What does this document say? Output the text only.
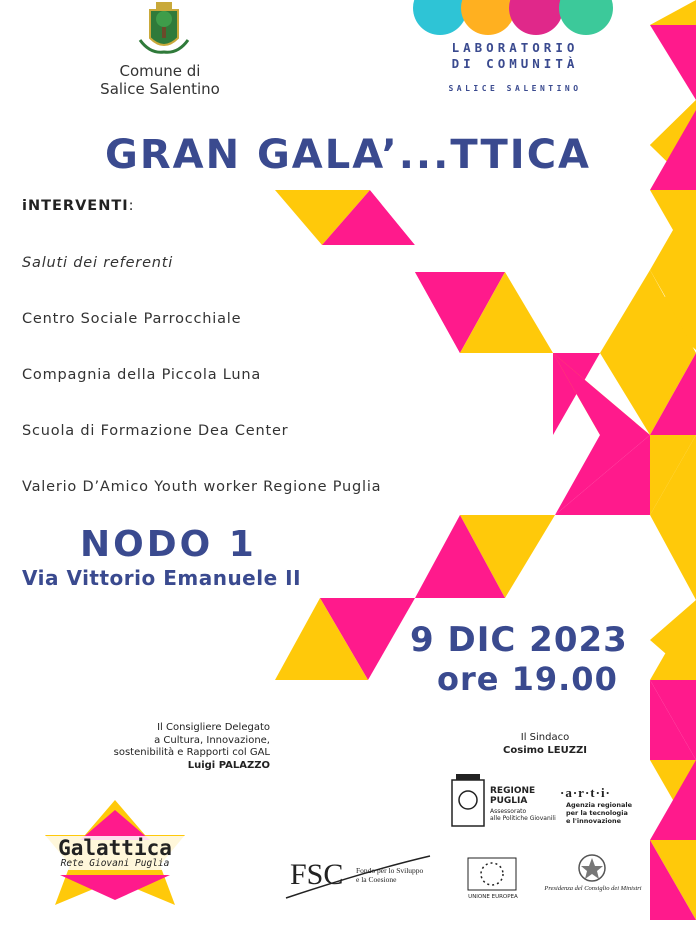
Comune di
Salice Salentino
LABORATORIO
DI COMUNITÀ
SALICE SALENTINO
GRAN GALA’...TTICA
iNTERVENTI:
Saluti dei referenti
Centro Sociale Parrocchiale
Compagnia della Piccola Luna
Scuola di Formazione Dea Center
Valerio D’Amico Youth worker Regione Puglia
NODO 1
Via Vittorio Emanuele II
9 DIC 2023
ore 19.00
Il Consigliere Delegato
a Cultura, Innovazione,
sostenibilità e Rapporti col GAL
Luigi PALAZZO
Il Sindaco
Cosimo LEUZZI
Galattica
Rete Giovani Puglia
REGIONE
PUGLIA
Assessorato
alle Politiche Giovanili
·a·r·t·i·
Agenzia regionale
per la tecnologia
e l'innovazione
FSC Fondo per lo Sviluppo
e la Coesione
UNIONE EUROPEA
Presidenza del Consiglio dei Ministri
